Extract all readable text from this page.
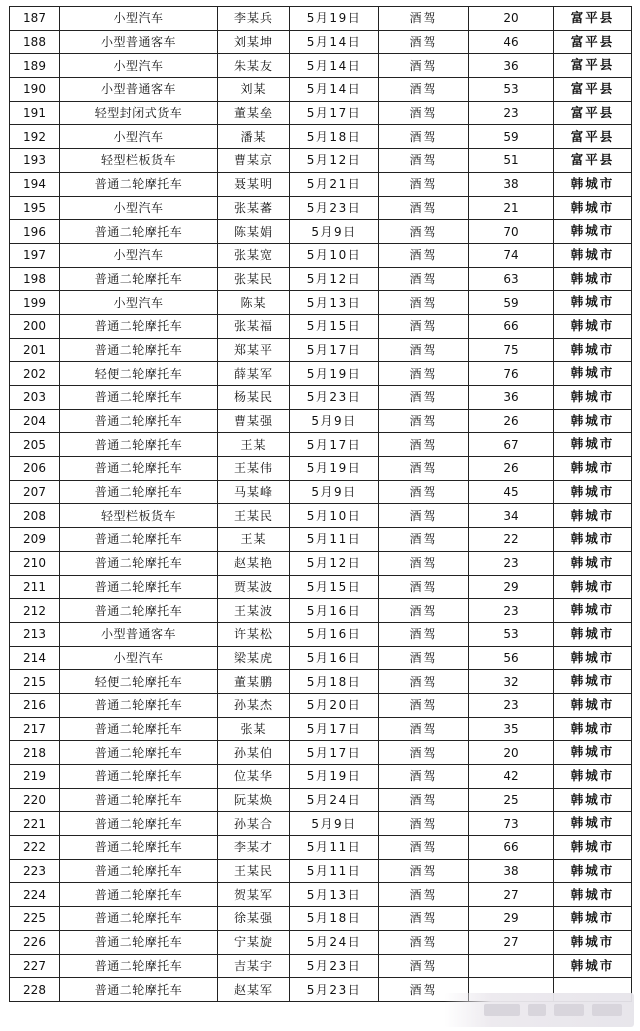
187	小型汽车	李某兵	5月19日	酒驾	20	富平县
188	小型普通客车	刘某坤	5月14日	酒驾	46	富平县
189	小型汽车	朱某友	5月14日	酒驾	36	富平县
190	小型普通客车	刘某	5月14日	酒驾	53	富平县
191	轻型封闭式货车	董某垒	5月17日	酒驾	23	富平县
192	小型汽车	潘某	5月18日	酒驾	59	富平县
193	轻型栏板货车	曹某京	5月12日	酒驾	51	富平县
194	普通二轮摩托车	聂某明	5月21日	酒驾	38	韩城市
195	小型汽车	张某蕃	5月23日	酒驾	21	韩城市
196	普通二轮摩托车	陈某娟	5月9日	酒驾	70	韩城市
197	小型汽车	张某宽	5月10日	酒驾	74	韩城市
198	普通二轮摩托车	张某民	5月12日	酒驾	63	韩城市
199	小型汽车	陈某	5月13日	酒驾	59	韩城市
200	普通二轮摩托车	张某福	5月15日	酒驾	66	韩城市
201	普通二轮摩托车	郑某平	5月17日	酒驾	75	韩城市
202	轻便二轮摩托车	薛某军	5月19日	酒驾	76	韩城市
203	普通二轮摩托车	杨某民	5月23日	酒驾	36	韩城市
204	普通二轮摩托车	曹某强	5月9日	酒驾	26	韩城市
205	普通二轮摩托车	王某	5月17日	酒驾	67	韩城市
206	普通二轮摩托车	王某伟	5月19日	酒驾	26	韩城市
207	普通二轮摩托车	马某峰	5月9日	酒驾	45	韩城市
208	轻型栏板货车	王某民	5月10日	酒驾	34	韩城市
209	普通二轮摩托车	王某	5月11日	酒驾	22	韩城市
210	普通二轮摩托车	赵某艳	5月12日	酒驾	23	韩城市
211	普通二轮摩托车	贾某波	5月15日	酒驾	29	韩城市
212	普通二轮摩托车	王某波	5月16日	酒驾	23	韩城市
213	小型普通客车	许某松	5月16日	酒驾	53	韩城市
214	小型汽车	梁某虎	5月16日	酒驾	56	韩城市
215	轻便二轮摩托车	董某鹏	5月18日	酒驾	32	韩城市
216	普通二轮摩托车	孙某杰	5月20日	酒驾	23	韩城市
217	普通二轮摩托车	张某	5月17日	酒驾	35	韩城市
218	普通二轮摩托车	孙某伯	5月17日	酒驾	20	韩城市
219	普通二轮摩托车	位某华	5月19日	酒驾	42	韩城市
220	普通二轮摩托车	阮某焕	5月24日	酒驾	25	韩城市
221	普通二轮摩托车	孙某合	5月9日	酒驾	73	韩城市
222	普通二轮摩托车	李某才	5月11日	酒驾	66	韩城市
223	普通二轮摩托车	王某民	5月11日	酒驾	38	韩城市
224	普通二轮摩托车	贺某军	5月13日	酒驾	27	韩城市
225	普通二轮摩托车	徐某强	5月18日	酒驾	29	韩城市
226	普通二轮摩托车	宁某旋	5月24日	酒驾	27	韩城市
227	普通二轮摩托车	吉某宇	5月23日	酒驾		韩城市
228	普通二轮摩托车	赵某军	5月23日	酒驾		
